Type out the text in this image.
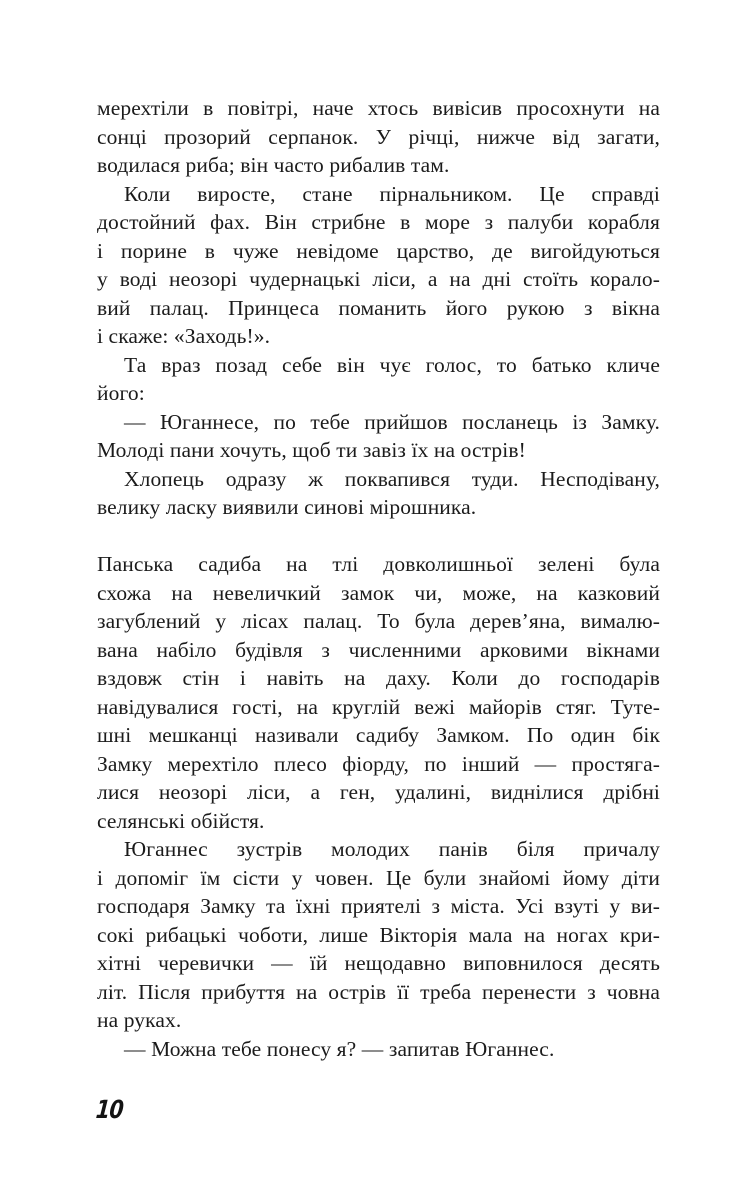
мерехтіли в повітрі, наче хтось вивісив просохнути на
сонці прозорий серпанок. У річці, нижче від загати,
водилася риба; він часто рибалив там.

Коли виросте, стане пірнальником. Це справді
достойний фах. Він стрибне в море з палуби корабля
і порине в чуже невідоме царство, де вигойдуються
у воді неозорі чудернацькі ліси, а на дні стоїть корало-
вий палац. Принцеса поманить його рукою з вікна
і скаже: «Заходь!».

Та враз позад себе він чує голос, то батько кличе
його:

— Юганнесе, по тебе прийшов посланець із Замку.
Молоді пани хочуть, щоб ти завіз їх на острів!

Хлопець одразу ж поквапився туди. Несподівану,
велику ласку виявили синові мірошника.

Панська садиба на тлі довколишньої зелені була
схожа на невеличкий замок чи, може, на казковий
загублений у лісах палац. То була дерев’яна, вималю-
вана набіло будівля з численними арковими вікнами
вздовж стін і навіть на даху. Коли до господарів
навідувалися гості, на круглій вежі майорів стяг. Туте-
шні мешканці називали садибу Замком. По один бік
Замку мерехтіло плесо фіорду, по інший — простяга-
лися неозорі ліси, а ген, удалині, виднілися дрібні
селянські обійстя.

Юганнес зустрів молодих панів біля причалу
і допоміг їм сісти у човен. Це були знайомі йому діти
господаря Замку та їхні приятелі з міста. Усі взуті у ви-
сокі рибацькі чоботи, лише Вікторія мала на ногах кри-
хітні черевички — їй нещодавно виповнилося десять
літ. Після прибуття на острів її треба перенести з човна
на руках.

— Можна тебе понесу я? — запитав Юганнес.

10
